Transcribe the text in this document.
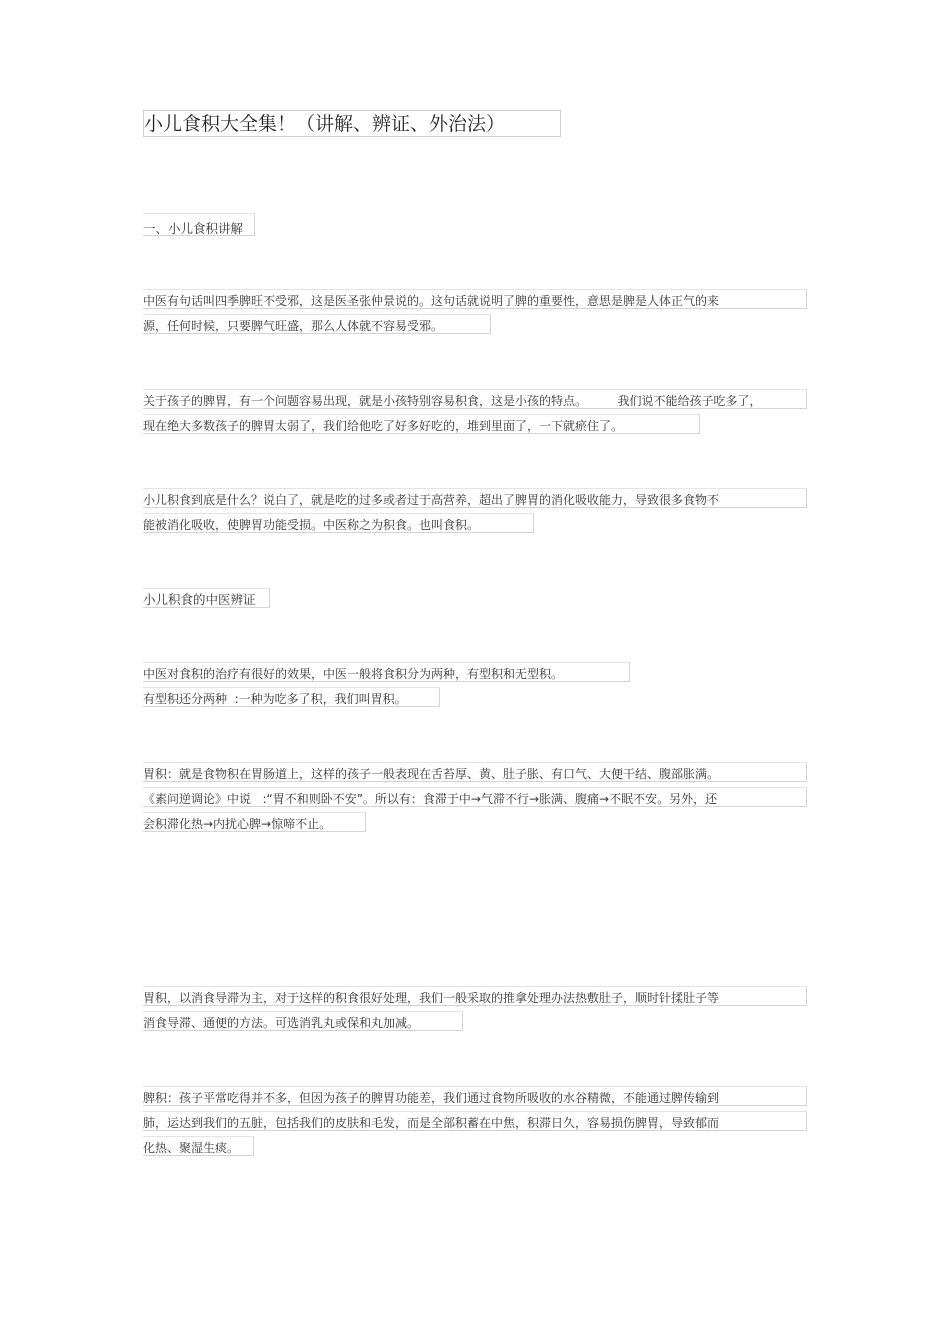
小儿食积大全集！（讲解、辨证、外治法）
一、小儿食积讲解
中医有句话叫四季脾旺不受邪，这是医圣张仲景说的。这句话就说明了脾的重要性，意思是脾是人体正气的来
源，任何时候，只要脾气旺盛，那么人体就不容易受邪。
关于孩子的脾胃，有一个问题容易出现，就是小孩特别容易积食，这是小孩的特点。        我们说不能给孩子吃多了，
现在绝大多数孩子的脾胃太弱了，我们给他吃了好多好吃的，堆到里面了，一下就瘀住了。
小儿积食到底是什么？说白了，就是吃的过多或者过于高营养，超出了脾胃的消化吸收能力，导致很多食物不
能被消化吸收，使脾胃功能受损。中医称之为积食。也叫食积。
小儿积食的中医辨证
中医对食积的治疗有很好的效果，中医一般将食积分为两种，有型积和无型积。
有型积还分两种  :一种为吃多了积，我们叫胃积。
胃积：就是食物积在胃肠道上，这样的孩子一般表现在舌苔厚、黄、肚子胀、有口气、大便干结、腹部胀满。
《素问逆调论》中说   :“胃不和则卧不安”。所以有：食滞于中→气滞不行→胀满、腹痛→不眠不安。另外，还
会积滞化热→内扰心脾→惊啼不止。
胃积，以消食导滞为主，对于这样的积食很好处理，我们一般采取的推拿处理办法热敷肚子，顺时针揉肚子等
消食导滞、通便的方法。可选消乳丸或保和丸加减。
脾积：孩子平常吃得并不多，但因为孩子的脾胃功能差，我们通过食物所吸收的水谷精微，不能通过脾传输到
肺，运达到我们的五脏，包括我们的皮肤和毛发，而是全部积蓄在中焦，积滞日久，容易损伤脾胃，导致郁而
化热、聚湿生痰。
